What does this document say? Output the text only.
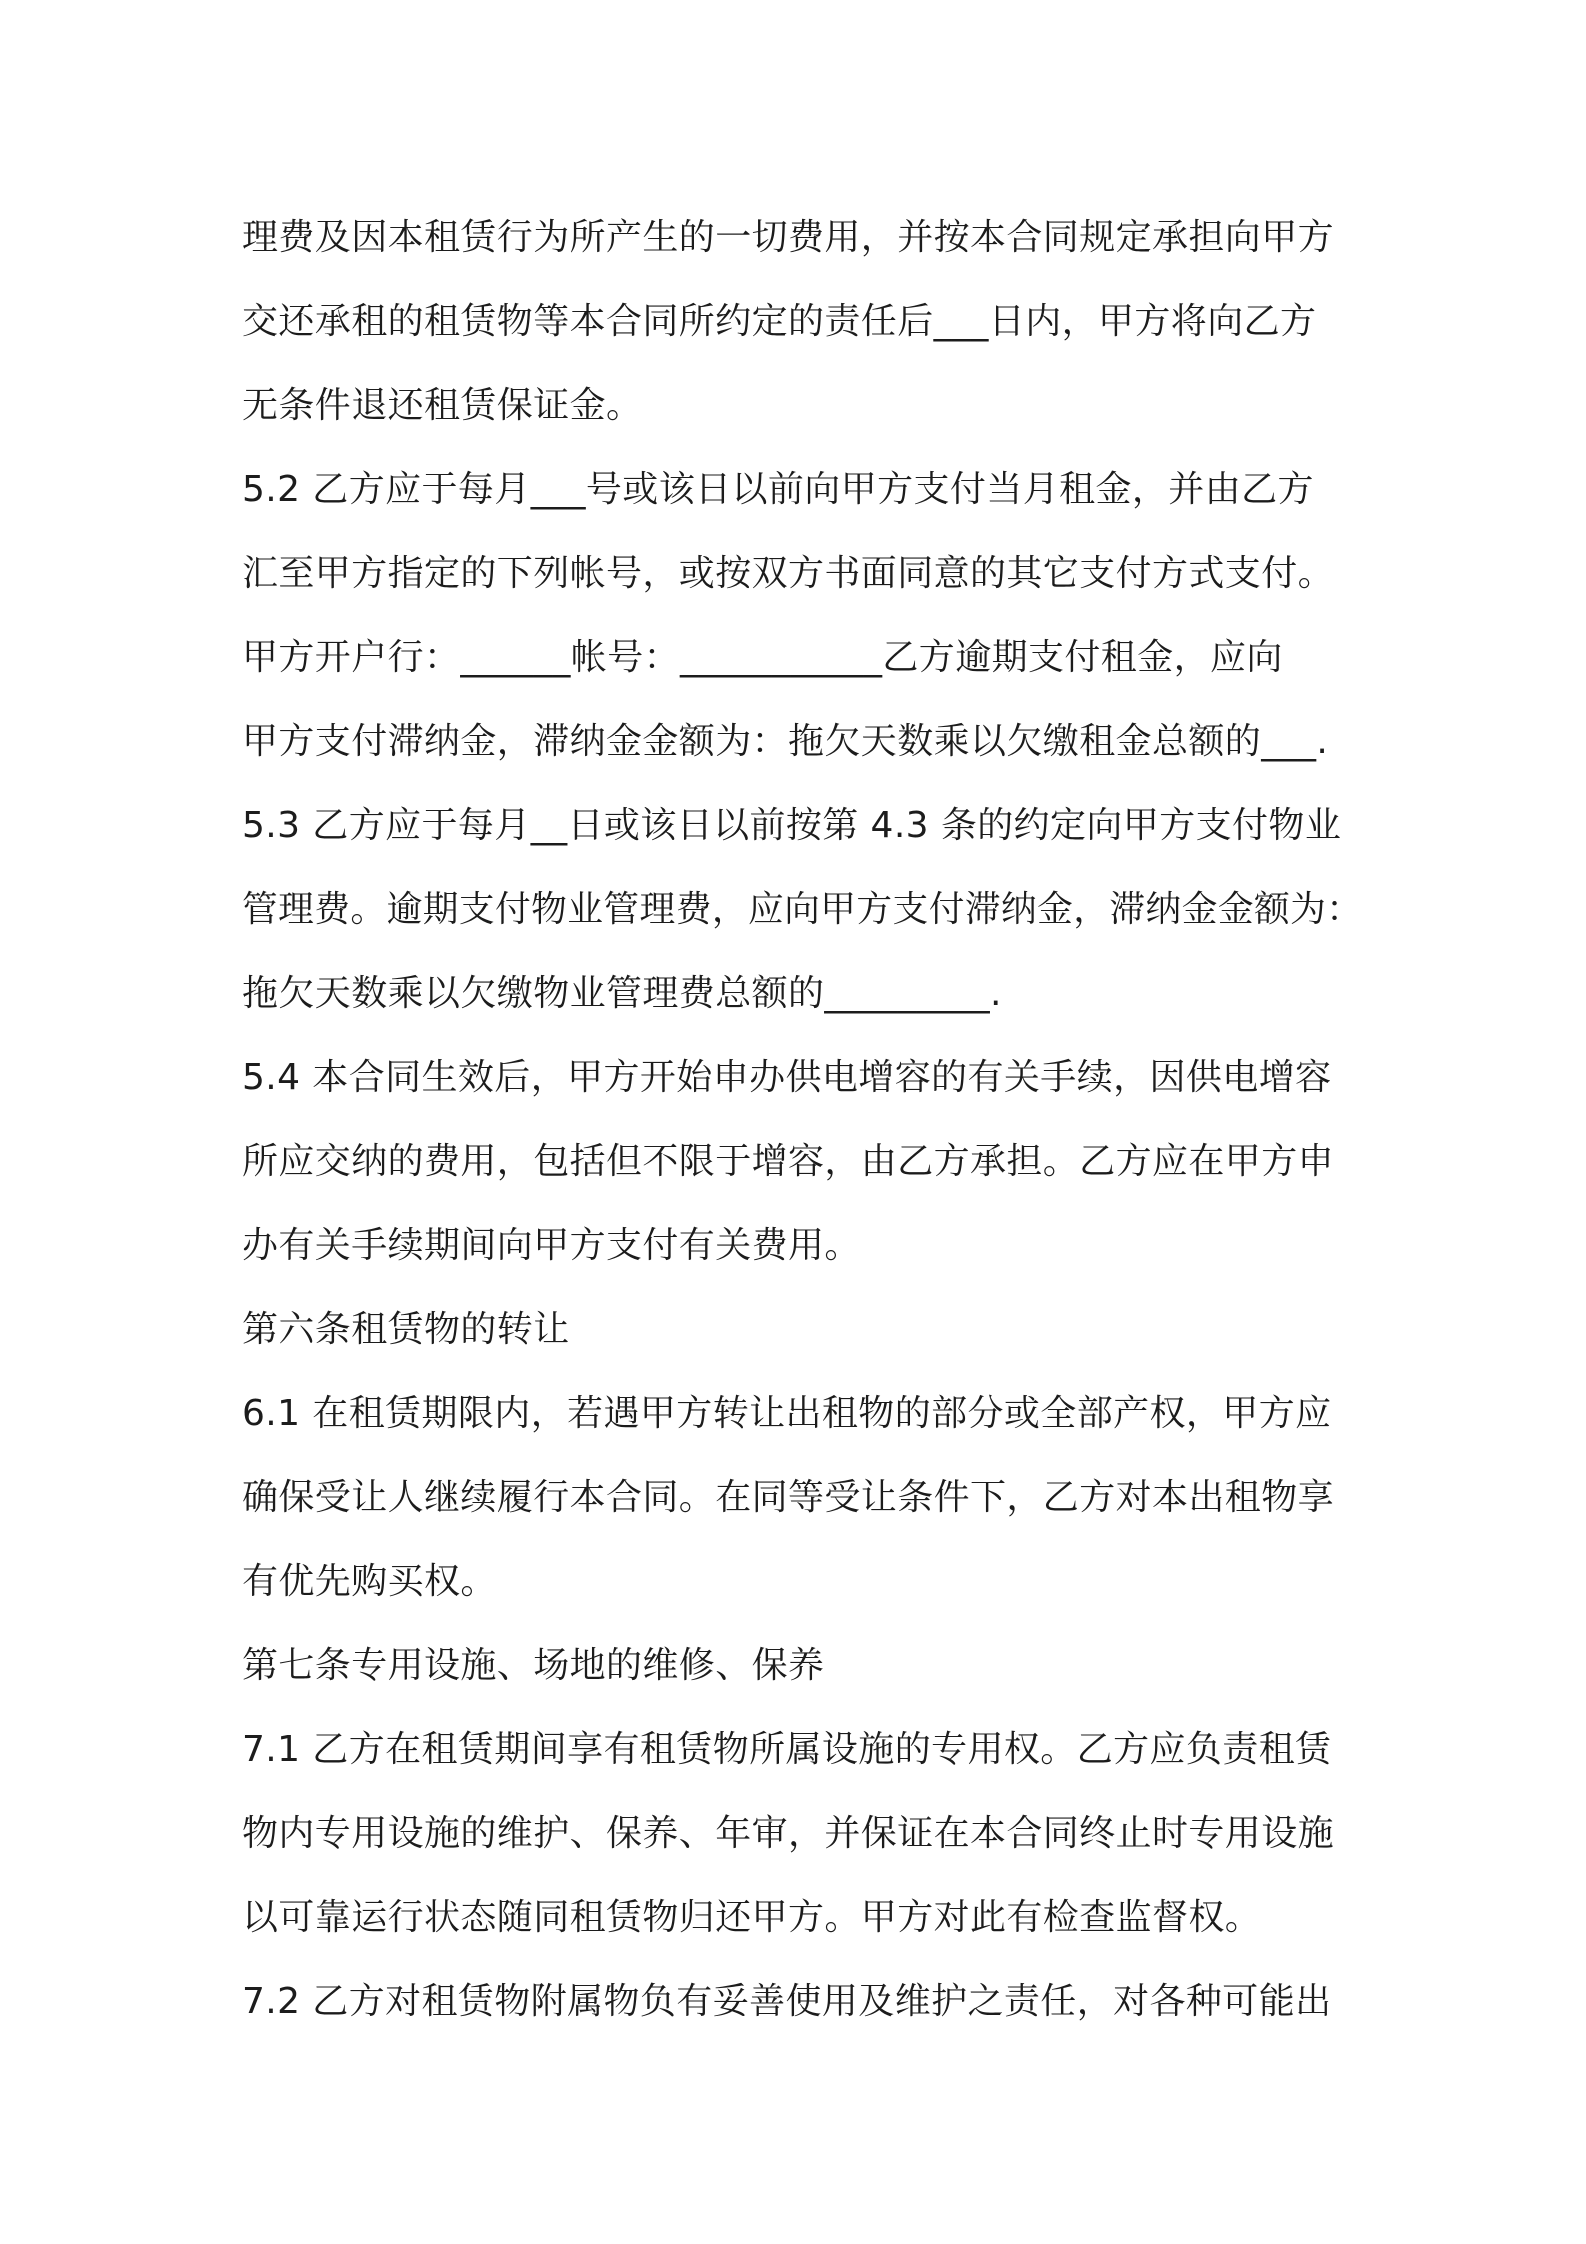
理费及因本租赁行为所产生的一切费用，并按本合同规定承担向甲方
交还承租的租赁物等本合同所约定的责任后___日内，甲方将向乙方
无条件退还租赁保证金。
5.2 乙方应于每月___号或该日以前向甲方支付当月租金，并由乙方
汇至甲方指定的下列帐号，或按双方书面同意的其它支付方式支付。
甲方开户行：______帐号：___________乙方逾期支付租金，应向
甲方支付滞纳金，滞纳金金额为：拖欠天数乘以欠缴租金总额的___.
5.3 乙方应于每月__日或该日以前按第 4.3 条的约定向甲方支付物业
管理费。逾期支付物业管理费，应向甲方支付滞纳金，滞纳金金额为：
拖欠天数乘以欠缴物业管理费总额的_________.
5.4 本合同生效后，甲方开始申办供电增容的有关手续，因供电增容
所应交纳的费用，包括但不限于增容，由乙方承担。乙方应在甲方申
办有关手续期间向甲方支付有关费用。
第六条租赁物的转让
6.1 在租赁期限内，若遇甲方转让出租物的部分或全部产权，甲方应
确保受让人继续履行本合同。在同等受让条件下，乙方对本出租物享
有优先购买权。
第七条专用设施、场地的维修、保养
7.1 乙方在租赁期间享有租赁物所属设施的专用权。乙方应负责租赁
物内专用设施的维护、保养、年审，并保证在本合同终止时专用设施
以可靠运行状态随同租赁物归还甲方。甲方对此有检查监督权。
7.2 乙方对租赁物附属物负有妥善使用及维护之责任，对各种可能出
